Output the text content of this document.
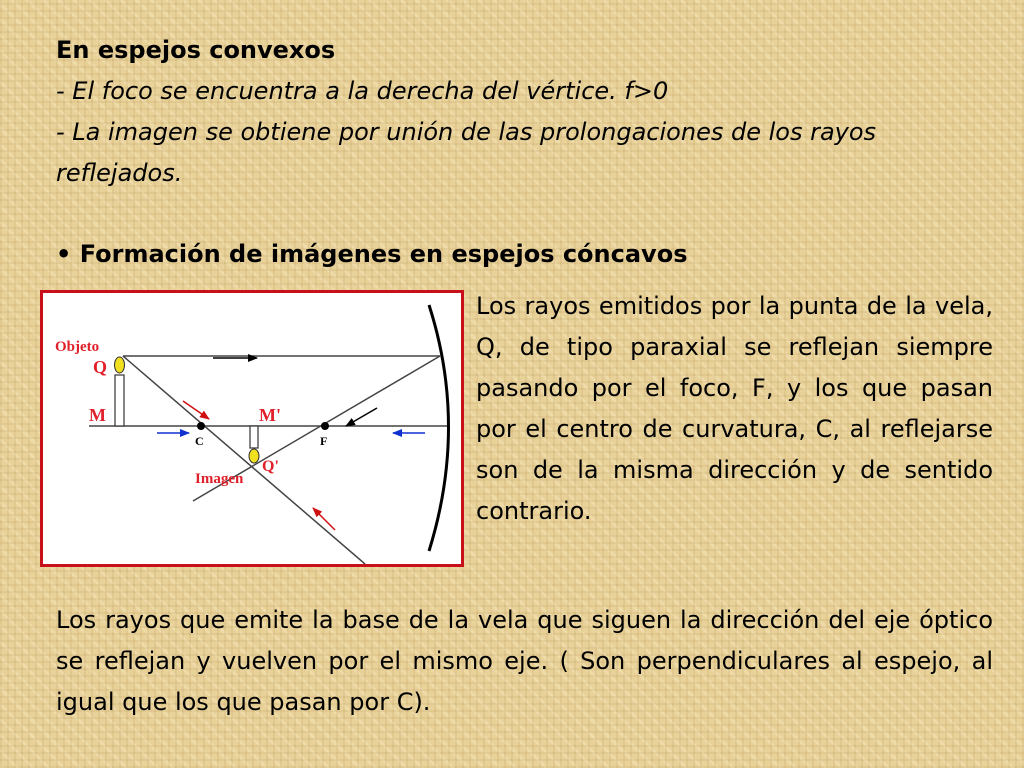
En espejos convexos
- El foco se encuentra a la derecha del vértice. f>0
- La imagen se obtiene por unión de las prolongaciones de los rayos reflejados.
• Formación de imágenes en espejos cóncavos
Objeto
Q
M
C	F
M'
Q'
Imagen
Los rayos emitidos por la punta de la vela, Q, de tipo paraxial se reflejan siempre pasando por el foco, F, y los que pasan por el centro de curvatura, C, al reflejarse son de la misma dirección y de sentido contrario.
Los rayos que emite la base de la vela que siguen la dirección del eje óptico se reflejan y vuelven por el mismo eje. ( Son perpendiculares al espejo, al igual que los que pasan por C).
